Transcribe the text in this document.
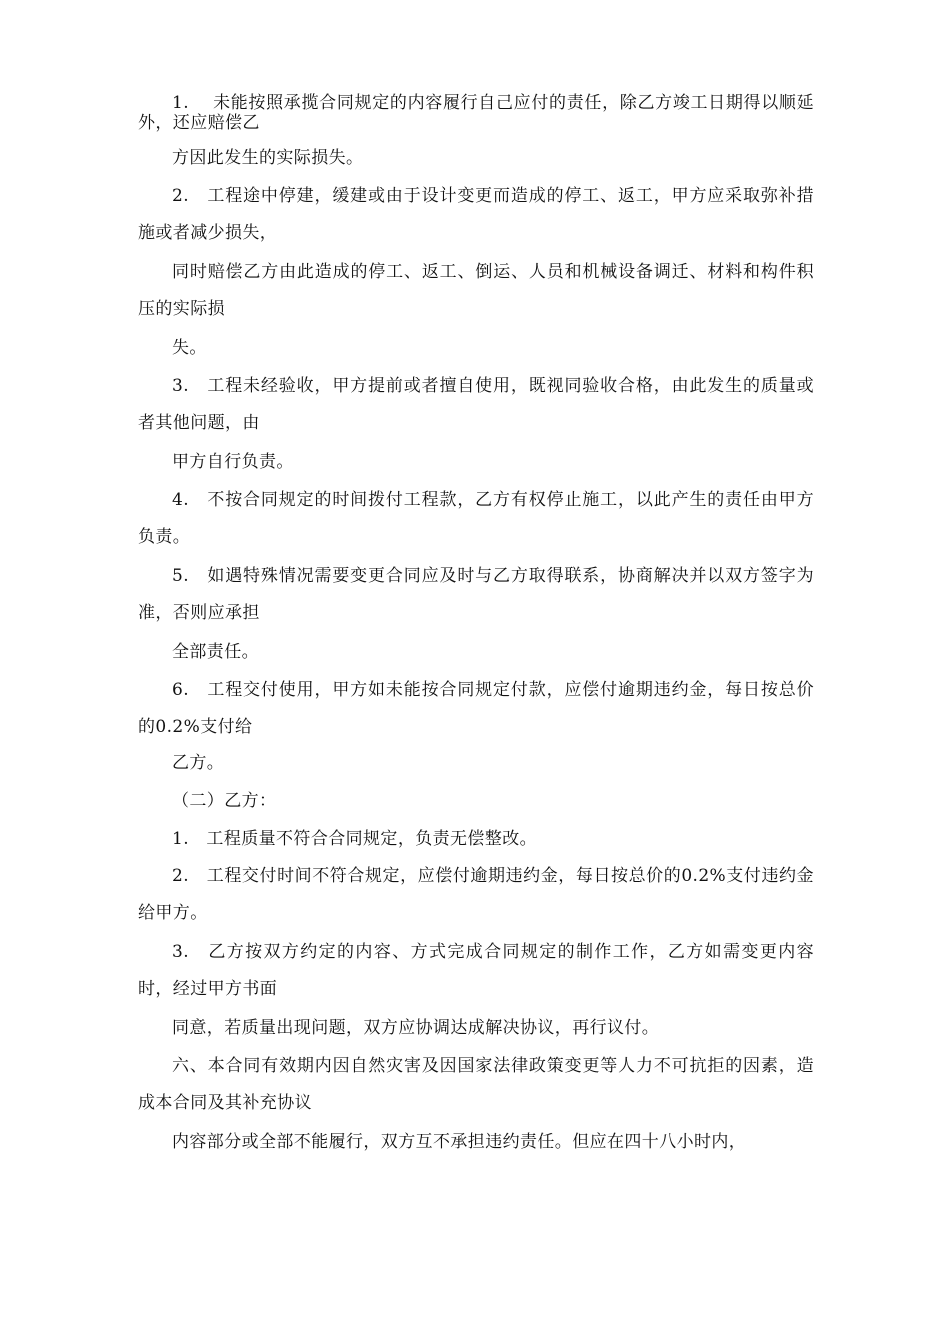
1.　 未能按照承揽合同规定的内容履行自己应付的责任，除乙方竣工日期得以顺延外，还应赔偿乙

方因此发生的实际损失。

2.　工程途中停建，缓建或由于设计变更而造成的停工、返工，甲方应采取弥补措施或者减少损失，

同时赔偿乙方由此造成的停工、返工、倒运、人员和机械设备调迁、材料和构件积压的实际损

失。

3.　工程未经验收，甲方提前或者擅自使用，既视同验收合格，由此发生的质量或者其他问题，由

甲方自行负责。

4.　不按合同规定的时间拨付工程款，乙方有权停止施工，以此产生的责任由甲方负责。

5.　如遇特殊情况需要变更合同应及时与乙方取得联系，协商解决并以双方签字为准，否则应承担

全部责任。

6.　工程交付使用，甲方如未能按合同规定付款，应偿付逾期违约金，每日按总价的0.2%支付给

乙方。

（二）乙方：

1.　工程质量不符合合同规定，负责无偿整改。

2.　工程交付时间不符合规定，应偿付逾期违约金，每日按总价的0.2%支付违约金给甲方。

3.　乙方按双方约定的内容、方式完成合同规定的制作工作，乙方如需变更内容时，经过甲方书面

同意，若质量出现问题，双方应协调达成解决协议，再行议付。

六、本合同有效期内因自然灾害及因国家法律政策变更等人力不可抗拒的因素，造成本合同及其补充协议

内容部分或全部不能履行，双方互不承担违约责任。但应在四十八小时内，
